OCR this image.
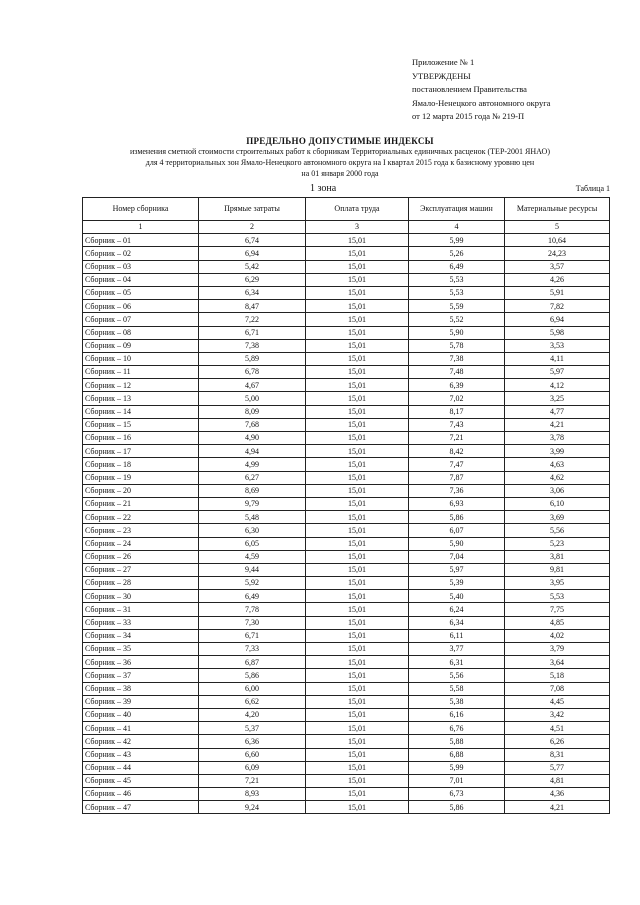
Приложение № 1
УТВЕРЖДЕНЫ
постановлением Правительства
Ямало-Ненецкого автономного округа
от 12 марта 2015 года № 219-П
ПРЕДЕЛЬНО ДОПУСТИМЫЕ ИНДЕКСЫ
изменения сметной стоимости строительных работ к сборникам Территориальных единичных расценок (ТЕР-2001 ЯНАО)
для 4 территориальных зон Ямало-Ненецкого автономного округа на I квартал 2015 года к базисному уровню цен
на 01 января 2000 года
1 зона	Таблица 1
Номер сборника	Прямые затраты	Оплата труда	Эксплуатация машин	Материальные ресурсы
1	2	3	4	5
Сборник – 01	6,74	15,01	5,99	10,64
Сборник – 02	6,94	15,01	5,26	24,23
Сборник – 03	5,42	15,01	6,49	3,57
Сборник – 04	6,29	15,01	5,53	4,26
Сборник – 05	6,34	15,01	5,53	5,91
Сборник – 06	8,47	15,01	5,59	7,82
Сборник – 07	7,22	15,01	5,52	6,94
Сборник – 08	6,71	15,01	5,90	5,98
Сборник – 09	7,38	15,01	5,78	3,53
Сборник – 10	5,89	15,01	7,38	4,11
Сборник – 11	6,78	15,01	7,48	5,97
Сборник – 12	4,67	15,01	6,39	4,12
Сборник – 13	5,00	15,01	7,02	3,25
Сборник – 14	8,09	15,01	8,17	4,77
Сборник – 15	7,68	15,01	7,43	4,21
Сборник – 16	4,90	15,01	7,21	3,78
Сборник – 17	4,94	15,01	8,42	3,99
Сборник – 18	4,99	15,01	7,47	4,63
Сборник – 19	6,27	15,01	7,87	4,62
Сборник – 20	8,69	15,01	7,36	3,06
Сборник – 21	9,79	15,01	6,93	6,10
Сборник – 22	5,48	15,01	5,86	3,69
Сборник – 23	6,30	15,01	6,07	5,56
Сборник – 24	6,05	15,01	5,90	5,23
Сборник – 26	4,59	15,01	7,04	3,81
Сборник – 27	9,44	15,01	5,97	9,81
Сборник – 28	5,92	15,01	5,39	3,95
Сборник – 30	6,49	15,01	5,40	5,53
Сборник – 31	7,78	15,01	6,24	7,75
Сборник – 33	7,30	15,01	6,34	4,85
Сборник – 34	6,71	15,01	6,11	4,02
Сборник – 35	7,33	15,01	3,77	3,79
Сборник – 36	6,87	15,01	6,31	3,64
Сборник – 37	5,86	15,01	5,56	5,18
Сборник – 38	6,00	15,01	5,58	7,08
Сборник – 39	6,62	15,01	5,38	4,45
Сборник – 40	4,20	15,01	6,16	3,42
Сборник – 41	5,37	15,01	6,76	4,51
Сборник – 42	6,36	15,01	5,88	6,26
Сборник – 43	6,60	15,01	6,88	8,31
Сборник – 44	6,09	15,01	5,99	5,77
Сборник – 45	7,21	15,01	7,01	4,81
Сборник – 46	8,93	15,01	6,73	4,36
Сборник – 47	9,24	15,01	5,86	4,21
